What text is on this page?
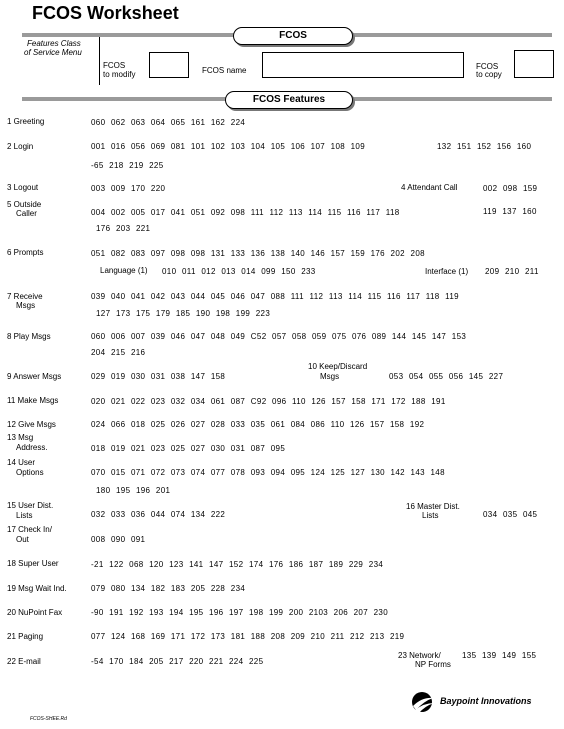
FCOS Worksheet
FCOS
Features Class
of Service Menu
FCOS
to modify	FCOS name	FCOS
to copy
FCOS Features
1 Greeting	060 062 063 064 065 161 162 224
2 Login	001 016 056 069 081 101 102 103 104 105 106 107 108 109	132 151 152 156 160
-65 218 219 225
3 Logout	003 009 170 220	4 Attendant Call	002 098 159
5 Outside
Caller	004 002 005 017 041 051 092 098 111 112 113 114 115 116 117 118	119 137 160
176 203 221
6 Prompts	051 082 083 097 098 098 131 133 136 138 140 146 157 159 176 202 208
Language (1) 010 011 012 013 014 099 150 233	Interface (1) 209 210 211
7 Receive
Msgs
039 040 041 042 043 044 045 046 047 088 111 112 113 114 115 116 117 118 119
127 173 175 179 185 190 198 199 223
8 Play Msgs	060 006 007 039 046 047 048 049 C52 057 058 059 075 076 089 144 145 147 153
204 215 216
9 Answer Msgs	029 019 030 031 038 147 158
10 Keep/Discard
Msgs	053 054 055 056 145 227
11 Make Msgs	020 021 022 023 032 034 061 087 C92 096 110 126 157 158 171 172 188 191
12 Give Msgs	024 066 018 025 026 027 028 033 035 061 084 086 110 126 157 158 192
13 Msg
Address.	018 019 021 023 025 027 030 031 087 095
14 User
Options	070 015 071 072 073 074 077 078 093 094 095 124 125 127 130 142 143 148
180 195 196 201
15 User Dist.
Lists	032 033 036 044 074 134 222
16 Master Dist.
Lists	034 035 045
17 Check In/
Out	008 090 091
18 Super User	-21 122 068 120 123 141 147 152 174 176 186 187 189 229 234
19 Msg Wait Ind.	079 080 134 182 183 205 228 234
20 NuPoint Fax	-90 191 192 193 194 195 196 197 198 199 200 2103 206 207 230
21 Paging	077 124 168 169 171 172 173 181 188 208 209 210 211 212 213 219
22 E-mail	-54 170 184 205 217 220 221 224 225
23 Network/
NP Forms
135 139 149 155
Baypoint Innovations
FCOS-SHEE.Rd
